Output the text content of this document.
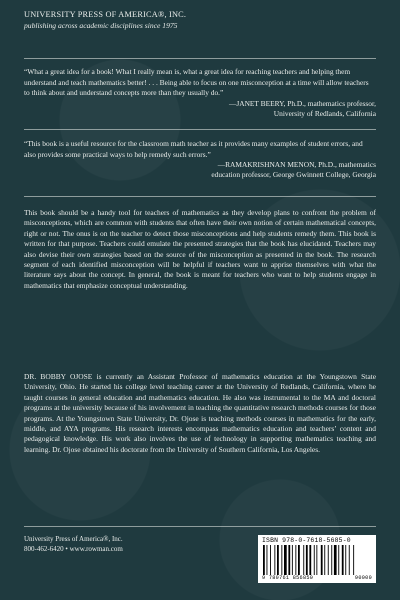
UNIVERSITY PRESS OF AMERICA®, INC.
publishing across academic disciplines since 1975

“What a great idea for a book! What I really mean is, what a great idea for reaching teachers and helping them understand and teach mathematics better! . . . Being able to focus on one misconception at a time will allow teachers to think about and understand concepts more than they usually do.”

—JANET BEERY, Ph.D., mathematics professor,

University of Redlands, California

“This book is a useful resource for the classroom math teacher as it provides many examples of student errors, and also provides some practical ways to help remedy such errors.”

—RAMAKRISHNAN MENON, Ph.D., mathematics

education professor, George Gwinnett College, Georgia

This book should be a handy tool for teachers of mathematics as they develop plans to confront the problem of misconceptions, which are common with students that often have their own notion of certain mathematical concepts, right or not. The onus is on the teacher to detect those misconceptions and help students remedy them. This book is written for that purpose. Teachers could emulate the presented strategies that the book has elucidated. Teachers may also devise their own strategies based on the source of the misconception as presented in the book. The research segment of each identified misconception will be helpful if teachers want to apprise themselves with what the literature says about the concept. In general, the book is meant for teachers who want to help students engage in mathematics that emphasize conceptual understanding.

DR. BOBBY OJOSE is currently an Assistant Professor of mathematics education at the Youngstown State University, Ohio. He started his college level teaching career at the University of Redlands, California, where he taught courses in general education and mathematics education. He also was instrumental to the MA and doctoral programs at the university because of his involvement in teaching the quantitative research methods courses for those programs. At the Youngstown State University, Dr. Ojose is teaching methods courses in mathematics for the early, middle, and AYA programs. His research interests encompass mathematics education and teachers’ content and pedagogical knowledge. His work also involves the use of technology in supporting mathematics teaching and learning. Dr. Ojose obtained his doctorate from the University of Southern California, Los Angeles.

University Press of America®, Inc.
800-462-6420 • www.rowman.com
ISBN 978-0-7618-5685-0
9 780761 856850	90000
